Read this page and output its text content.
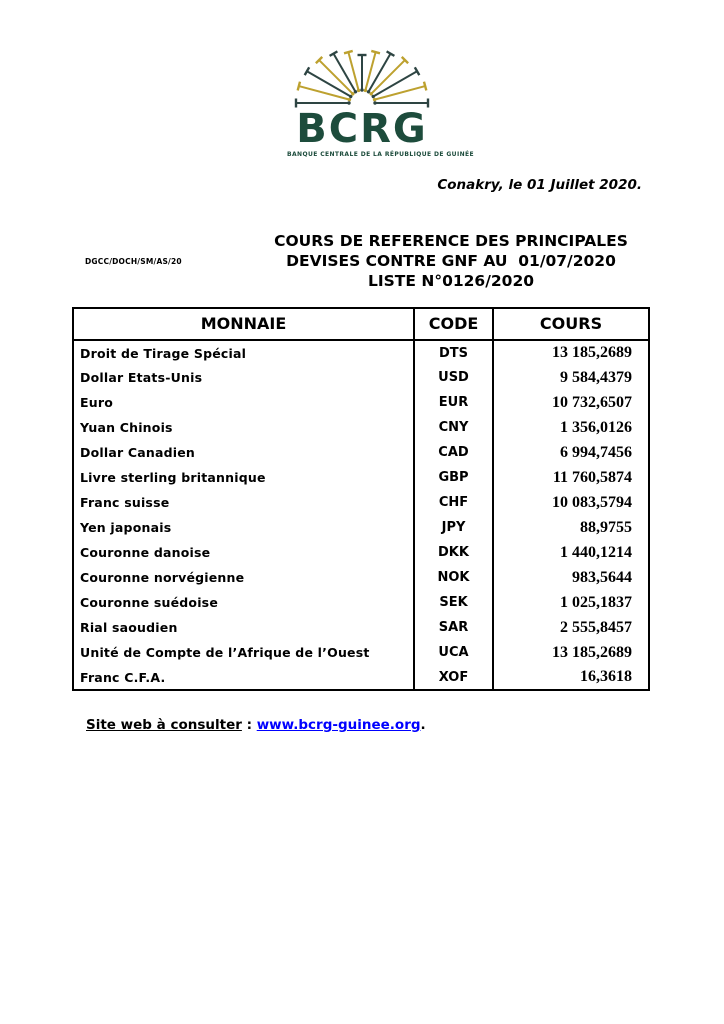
BCRG
BANQUE CENTRALE DE LA RÉPUBLIQUE DE GUINÉE
Conakry, le 01 Juillet 2020.
DGCC/DOCH/SM/AS/20
COURS DE REFERENCE DES PRINCIPALES
DEVISES CONTRE GNF AU  01/07/2020
LISTE N°0126/2020
MONNAIE	CODE	COURS
Droit de Tirage Spécial	DTS	13 185,2689
Dollar Etats-Unis	USD	9 584,4379
Euro	EUR	10 732,6507
Yuan Chinois	CNY	1 356,0126
Dollar Canadien	CAD	6 994,7456
Livre sterling britannique	GBP	11 760,5874
Franc suisse	CHF	10 083,5794
Yen japonais	JPY	88,9755
Couronne danoise	DKK	1 440,1214
Couronne norvégienne	NOK	983,5644
Couronne suédoise	SEK	1 025,1837
Rial saoudien	SAR	2 555,8457
Unité de Compte de l’Afrique de l’Ouest	UCA	13 185,2689
Franc C.F.A.	XOF	16,3618
Site web à consulter : www.bcrg-guinee.org.
